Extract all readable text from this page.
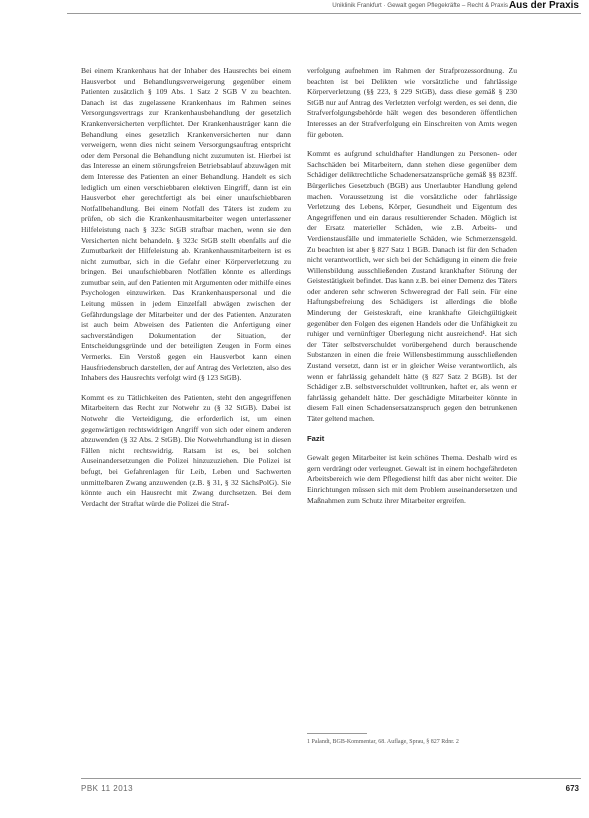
Uniklinik Frankfurt · Gewalt gegen Pflegekräfte – Recht & Praxis Aus der Praxis

Bei einem Krankenhaus hat der Inhaber des Hausrechts bei einem Hausverbot und Behandlungsverweigerung gegenüber einem Patienten zusätzlich § 109 Abs. 1 Satz 2 SGB V zu beachten. Danach ist das zugelassene Krankenhaus im Rahmen seines Versorgungsvertrags zur Krankenhausbehandlung der gesetzlich Krankenversicherten verpflichtet. Der Krankenhausträger kann die Behandlung eines gesetzlich Krankenversicherten nur dann verweigern, wenn dies nicht seinem Versorgungsauftrag entspricht oder dem Personal die Behandlung nicht zuzumuten ist. Hierbei ist das Interesse an einem störungsfreien Betriebsablauf abzuwägen mit dem Interesse des Patienten an einer Behandlung. Handelt es sich lediglich um einen verschiebbaren elektiven Eingriff, dann ist ein Hausverbot eher gerechtfertigt als bei einer unaufschiebbaren Notfallbehandlung. Bei einem Notfall des Täters ist zudem zu prüfen, ob sich die Krankenhausmitarbeiter wegen unterlassener Hilfeleistung nach § 323c StGB strafbar machen, wenn sie den Versicherten nicht behandeln. § 323c StGB stellt ebenfalls auf die Zumutbarkeit der Hilfeleistung ab. Krankenhausmitarbeitern ist es nicht zumutbar, sich in die Gefahr einer Körperverletzung zu bringen. Bei unaufschiebbaren Notfällen könnte es allerdings zumutbar sein, auf den Patienten mit Argumenten oder mithilfe eines Psychologen einzuwirken. Das Krankenhauspersonal und die Leitung müssen in jedem Einzelfall abwägen zwischen der Gefährdungslage der Mitarbeiter und der des Patienten. Anzuraten ist auch beim Abweisen des Patienten die Anfertigung einer sachverständigen Dokumentation der Situation, der Entscheidungsgründe und der beteiligten Zeugen in Form eines Vermerks. Ein Verstoß gegen ein Hausverbot kann einen Hausfriedensbruch darstellen, der auf Antrag des Verletzten, also des Inhabers des Hausrechts verfolgt wird (§ 123 StGB).

Kommt es zu Tätlichkeiten des Patienten, steht den angegriffenen Mitarbeitern das Recht zur Notwehr zu (§ 32 StGB). Dabei ist Notwehr die Verteidigung, die erforderlich ist, um einen gegenwärtigen rechtswidrigen Angriff von sich oder einem anderen abzuwenden (§ 32 Abs. 2 StGB). Die Notwehrhandlung ist in diesen Fällen nicht rechtswidrig. Ratsam ist es, bei solchen Auseinandersetzungen die Polizei hinzuzuziehen. Die Polizei ist befugt, bei Gefahrenlagen für Leib, Leben und Sachwerten unmittelbaren Zwang anzuwenden (z.B. § 31, § 32 SächsPolG). Sie könnte auch ein Hausrecht mit Zwang durchsetzen. Bei dem Verdacht der Straftat würde die Polizei die Straf-

verfolgung aufnehmen im Rahmen der Strafprozessordnung. Zu beachten ist bei Delikten wie vorsätzliche und fahrlässige Körperverletzung (§§ 223, § 229 StGB), dass diese gemäß § 230 StGB nur auf Antrag des Verletzten verfolgt werden, es sei denn, die Strafverfolgungsbehörde hält wegen des besonderen öffentlichen Interesses an der Strafverfolgung ein Einschreiten von Amts wegen für geboten.

Kommt es aufgrund schuldhafter Handlungen zu Personen- oder Sachschäden bei Mitarbeitern, dann stehen diese gegenüber dem Schädiger deliktrechtliche Schadenersatzansprüche gemäß §§ 823ff. Bürgerliches Gesetzbuch (BGB) aus Unerlaubter Handlung gelend machen. Voraussetzung ist die vorsätzliche oder fahrlässige Verletzung des Lebens, Körper, Gesundheit und Eigentum des Angegriffenen und ein daraus resultierender Schaden. Möglich ist der Ersatz materieller Schäden, wie z.B. Arbeits- und Verdienstausfälle und immaterielle Schäden, wie Schmerzensgeld. Zu beachten ist aber § 827 Satz 1 BGB. Danach ist für den Schaden nicht verantwortlich, wer sich bei der Schädigung in einem die freie Willensbildung ausschließenden Zustand krankhafter Störung der Geistestätigkeit befindet. Das kann z.B. bei einer Demenz des Täters oder anderen sehr schweren Schweregrad der Fall sein. Für eine Haftungsbefreiung des Schädigers ist allerdings die bloße Minderung der Geisteskraft, eine krankhafte Gleichgültigkeit gegenüber den Folgen des eigenen Handels oder die Unfähigkeit zu ruhiger und vernünftiger Überlegung nicht ausreichend¹. Hat sich der Täter selbstverschuldet vorübergehend durch berauschende Substanzen in einen die freie Willensbestimmung ausschließenden Zustand versetzt, dann ist er in gleicher Weise verantwortlich, als wenn er fahrlässig gehandelt hätte (§ 827 Satz 2 BGB). Ist der Schädiger z.B. selbstverschuldet volltrunken, haftet er, als wenn er fahrlässig gehandelt hätte. Der geschädigte Mitarbeiter könnte in diesem Fall einen Schadensersatzanspruch gegen den betrunkenen Täter geltend machen.

Fazit

Gewalt gegen Mitarbeiter ist kein schönes Thema. Deshalb wird es gern verdrängt oder verleugnet. Gewalt ist in einem hochgefährdeten Arbeitsbereich wie dem Pflegedienst hilft das aber nicht weiter. Die Einrichtungen müssen sich mit dem Problem auseinandersetzen und Maßnahmen zum Schutz ihrer Mitarbeiter ergreifen.

1 Palandt, BGB-Kommentar, 68. Auflage, Sprau, § 827 Rdnr. 2
PBK 11 2013	673
